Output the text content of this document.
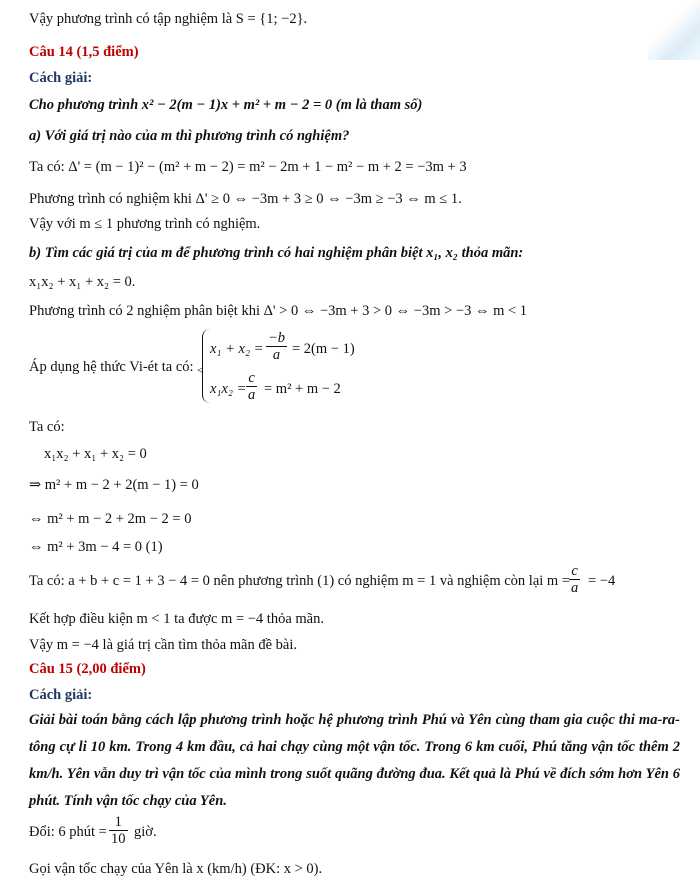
Vậy phương trình có tập nghiệm là S = {1; −2}.
Câu 14 (1,5 điểm)
Cách giải:
Cho phương trình x² − 2(m − 1)x + m² + m − 2 = 0 (m là tham số)
a) Với giá trị nào của m thì phương trình có nghiệm?
Ta có: Δ' = (m − 1)² − (m² + m − 2) = m² − 2m + 1 − m² − m + 2 = −3m + 3
Phương trình có nghiệm khi Δ' ≥ 0 ⇔ −3m + 3 ≥ 0 ⇔ −3m ≥ −3 ⇔ m ≤ 1.
Vậy với m ≤ 1 phương trình có nghiệm.
b) Tìm các giá trị của m để phương trình có hai nghiệm phân biệt x₁, x₂ thỏa mãn:
x₁x₂ + x₁ + x₂ = 0.
Phương trình có 2 nghiệm phân biệt khi Δ' > 0 ⇔ −3m + 3 > 0 ⇔ −3m > −3 ⇔ m < 1
Áp dụng hệ thức Vi-ét ta có: <
$x_1 + x_2 = \frac{-b}{a} = 2(m - 1)$
$x_1x_2 = \frac{c}{a} = m^2 + m - 2$
Ta có:
x₁x₂ + x₁ + x₂ = 0
⇒ m² + m − 2 + 2(m − 1) = 0
⇔ m² + m − 2 + 2m − 2 = 0
⇔ m² + 3m − 4 = 0 (1)
Ta có: a + b + c = 1 + 3 − 4 = 0 nên phương trình (1) có nghiệm m = 1 và nghiệm còn lại m =
$\frac{c}{a} = -4$
Kết hợp điều kiện m < 1 ta được m = −4 thỏa mãn.
Vậy m = −4 là giá trị cần tìm thỏa mãn đề bài.
Câu 15 (2,00 điểm)
Cách giải:
Giải bài toán bằng cách lập phương trình hoặc hệ phương trình Phú và Yên cùng tham gia cuộc thi ma-ra-tông cự li 10 km. Trong 4 km đầu, cả hai chạy cùng một vận tốc. Trong 6 km cuối, Phú tăng vận tốc thêm 2 km/h. Yên vẫn duy trì vận tốc của mình trong suốt quãng đường đua. Kết quả là Phú về đích sớm hơn Yên 6 phút. Tính vận tốc chạy của Yên.
Đổi: 6 phút = $\frac{1}{10}$ giờ.
Gọi vận tốc chạy của Yên là x (km/h) (ĐK: x > 0).
